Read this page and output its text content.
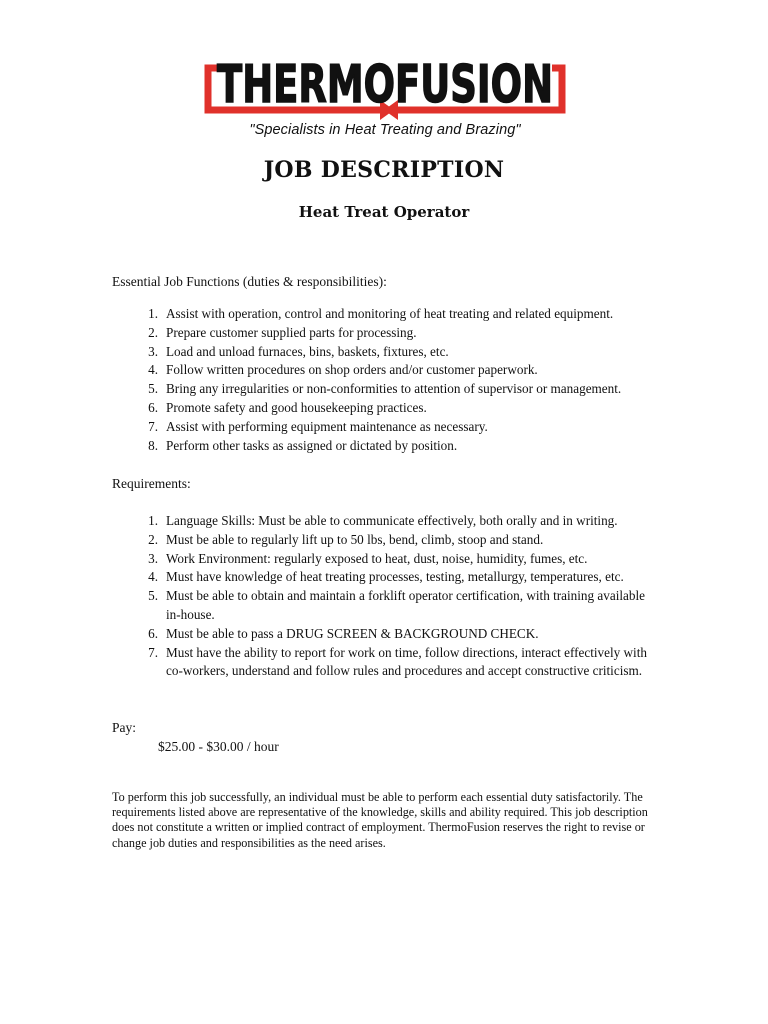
THERMOFUSION
"Specialists in Heat Treating and Brazing"
JOB DESCRIPTION
Heat Treat Operator
Essential Job Functions (duties & responsibilities):
1. Assist with operation, control and monitoring of heat treating and related equipment.
2. Prepare customer supplied parts for processing.
3. Load and unload furnaces, bins, baskets, fixtures, etc.
4. Follow written procedures on shop orders and/or customer paperwork.
5. Bring any irregularities or non-conformities to attention of supervisor or management.
6. Promote safety and good housekeeping practices.
7. Assist with performing equipment maintenance as necessary.
8. Perform other tasks as assigned or dictated by position.
Requirements:
1. Language Skills: Must be able to communicate effectively, both orally and in writing.
2. Must be able to regularly lift up to 50 lbs, bend, climb, stoop and stand.
3. Work Environment: regularly exposed to heat, dust, noise, humidity, fumes, etc.
4. Must have knowledge of heat treating processes, testing, metallurgy, temperatures, etc.
5. Must be able to obtain and maintain a forklift operator certification, with training available in-house.
6. Must be able to pass a DRUG SCREEN & BACKGROUND CHECK.
7. Must have the ability to report for work on time, follow directions, interact effectively with co-workers, understand and follow rules and procedures and accept constructive criticism.
Pay:
$25.00 - $30.00 / hour
To perform this job successfully, an individual must be able to perform each essential duty satisfactorily. The requirements listed above are representative of the knowledge, skills and ability required. This job description does not constitute a written or implied contract of employment. ThermoFusion reserves the right to revise or change job duties and responsibilities as the need arises.
